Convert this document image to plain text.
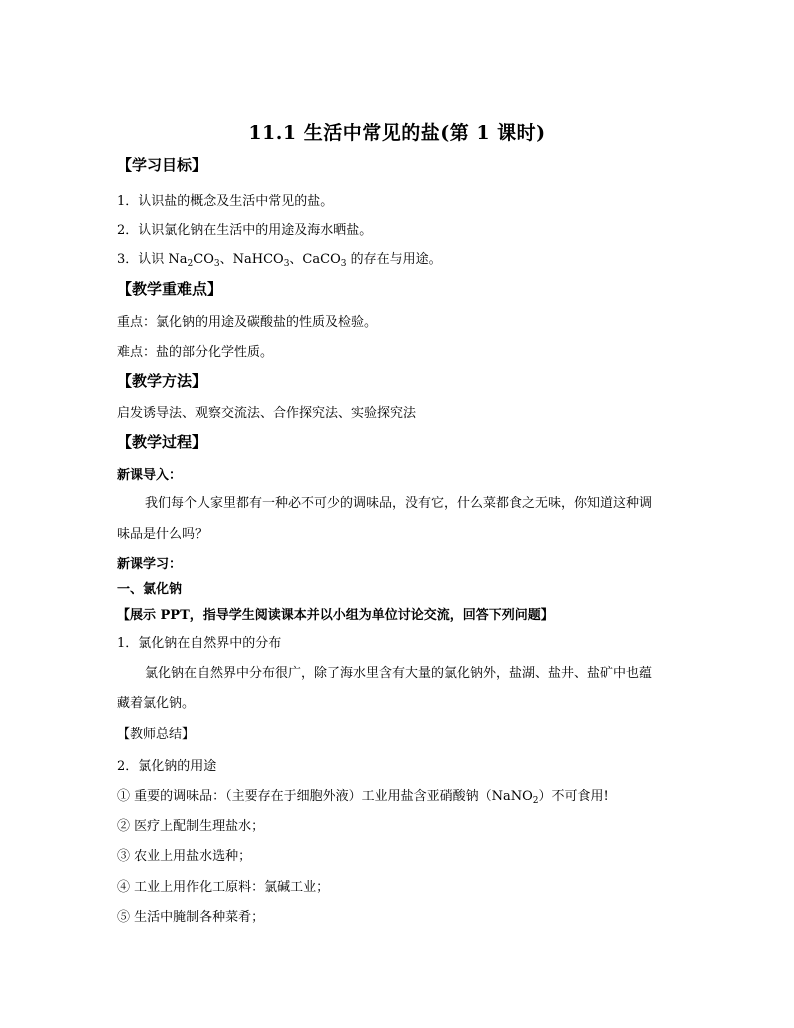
11.1 生活中常见的盐(第 1 课时)
【学习目标】
1．认识盐的概念及生活中常见的盐。
2．认识氯化钠在生活中的用途及海水晒盐。
3．认识 $Na_2CO_3$、NaHCO$_3$、CaCO$_3$ 的存在与用途。
【教学重难点】
重点：氯化钠的用途及碳酸盐的性质及检验。
难点：盐的部分化学性质。
【教学方法】
启发诱导法、观察交流法、合作探究法、实验探究法
【教学过程】
新课导入：
我们每个人家里都有一种必不可少的调味品，没有它，什么菜都食之无味，你知道这种调
味品是什么吗？
新课学习：
一、氯化钠
【展示 PPT，指导学生阅读课本并以小组为单位讨论交流，回答下列问题】
1．氯化钠在自然界中的分布
氯化钠在自然界中分布很广，除了海水里含有大量的氯化钠外，盐湖、盐井、盐矿中也蕴
藏着氯化钠。
【教师总结】
2．氯化钠的用途
① 重要的调味品：（主要存在于细胞外液）工业用盐含亚硝酸钠（NaNO$_2$）不可食用!
② 医疗上配制生理盐水；
③ 农业上用盐水选种；
④ 工业上用作化工原料：氯碱工业；
⑤ 生活中腌制各种菜肴；
